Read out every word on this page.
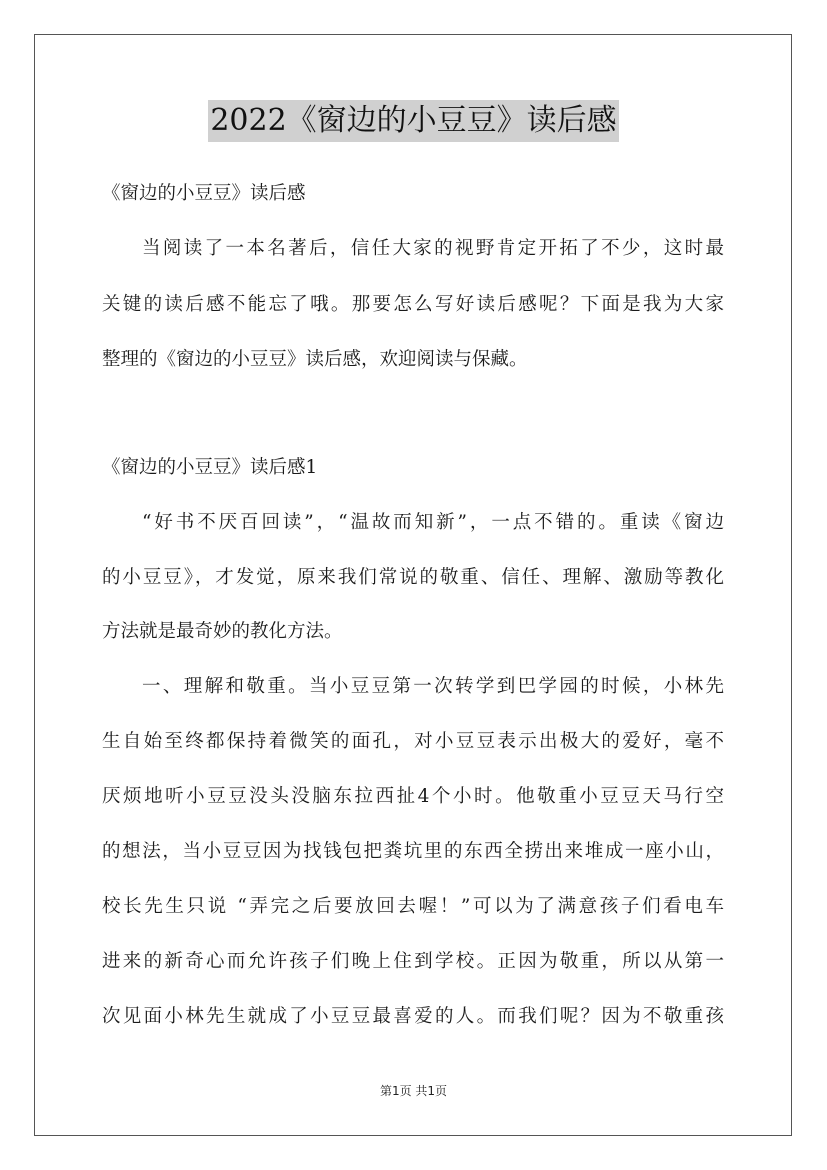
2022《窗边的小豆豆》读后感
《窗边的小豆豆》读后感
当阅读了一本名著后，信任大家的视野肯定开拓了不少，这时最
关键的读后感不能忘了哦。那要怎么写好读后感呢？下面是我为大家
整理的《窗边的小豆豆》读后感，欢迎阅读与保藏。
《窗边的小豆豆》读后感1
“好书不厌百回读”，“温故而知新”，一点不错的。重读《窗边
的小豆豆》，才发觉，原来我们常说的敬重、信任、理解、激励等教化
方法就是最奇妙的教化方法。
一、理解和敬重。当小豆豆第一次转学到巴学园的时候，小林先
生自始至终都保持着微笑的面孔，对小豆豆表示出极大的爱好，毫不
厌烦地听小豆豆没头没脑东拉西扯4个小时。他敬重小豆豆天马行空
的想法，当小豆豆因为找钱包把粪坑里的东西全捞出来堆成一座小山，
校长先生只说 “弄完之后要放回去喔！”可以为了满意孩子们看电车
进来的新奇心而允许孩子们晚上住到学校。正因为敬重，所以从第一
次见面小林先生就成了小豆豆最喜爱的人。而我们呢？因为不敬重孩
第1页 共1页
